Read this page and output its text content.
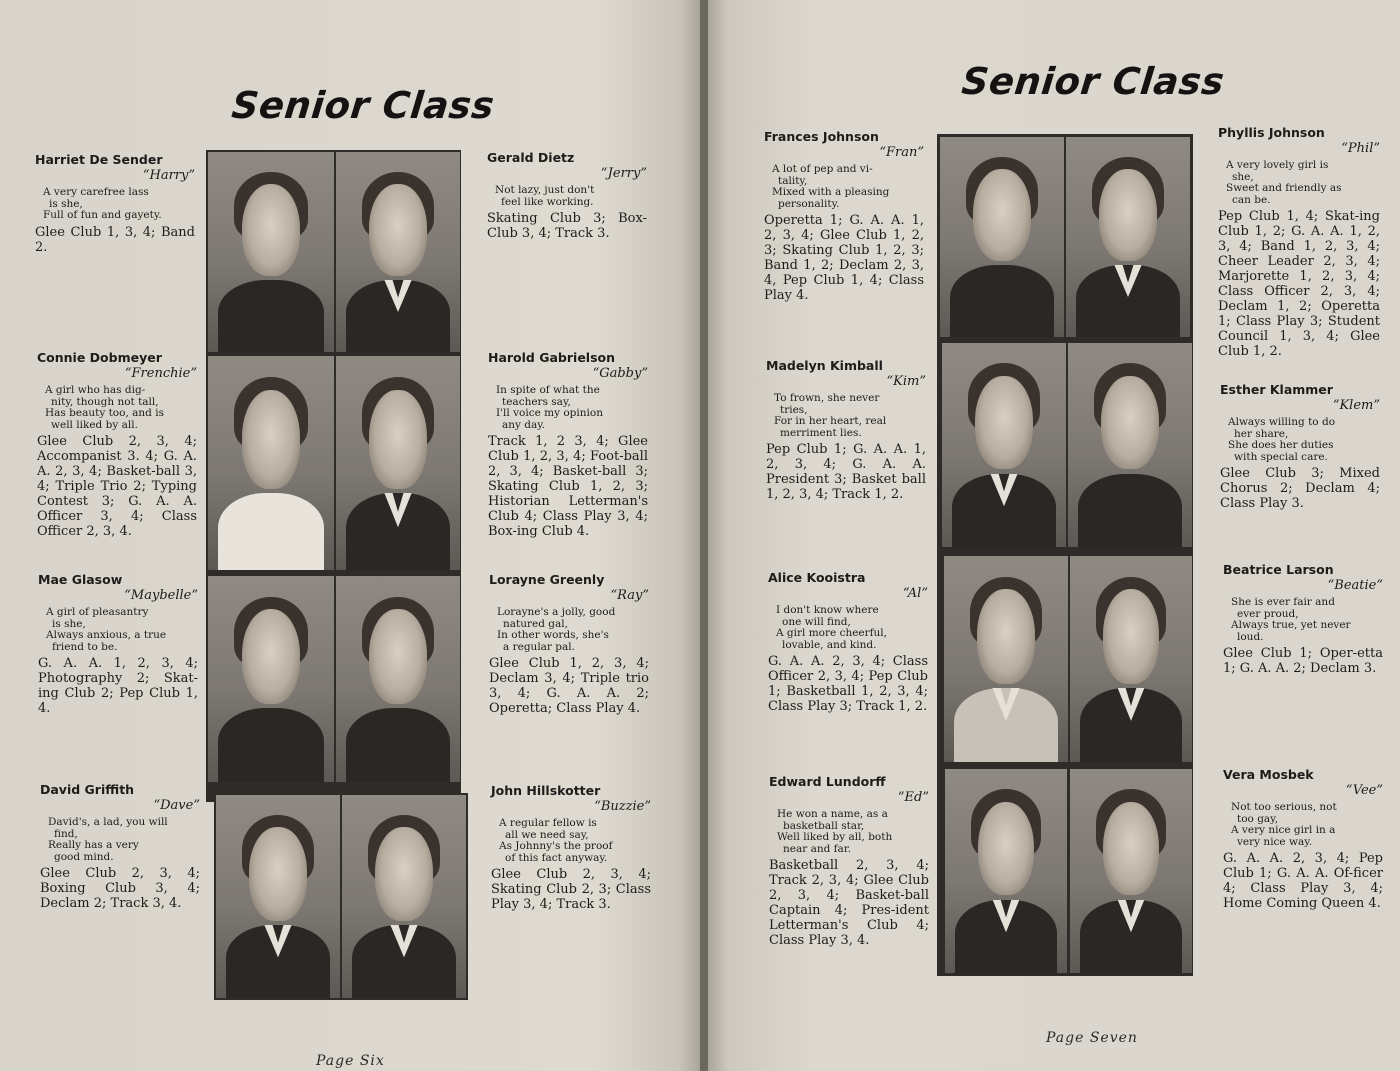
Senior Class
Harriet De Sender
“Harry”
A very carefree lass
is she,
Full of fun and gayety.
Glee Club 1, 3, 4; Band 2.
Gerald Dietz
“Jerry”
Not lazy, just don't
feel like working.
Skating Club 3; Box-Club 3, 4; Track 3.
Connie Dobmeyer
“Frenchie”
A girl who has dig-
nity, though not tall,
Has beauty too, and is
well liked by all.
Glee Club 2, 3, 4; Accompanist 3. 4; G. A. A. 2, 3, 4; Basket-ball 3, 4; Triple Trio 2; Typing Contest 3; G. A. A. Officer 3, 4; Class Officer 2, 3, 4.
Harold Gabrielson
“Gabby”
In spite of what the
teachers say,
I'll voice my opinion
any day.
Track 1, 2 3, 4; Glee Club 1, 2, 3, 4; Foot-ball 2, 3, 4; Basket-ball 3; Skating Club 1, 2, 3; Historian Letterman's Club 4; Class Play 3, 4; Box-ing Club 4.
Mae Glasow
“Maybelle”
A girl of pleasantry
is she,
Always anxious, a true
friend to be.
G. A. A. 1, 2, 3, 4; Photography 2; Skat-ing Club 2; Pep Club 1, 4.
Lorayne Greenly
“Ray”
Lorayne's a jolly, good
natured gal,
In other words, she's
a regular pal.
Glee Club 1, 2, 3, 4; Declam 3, 4; Triple trio 3, 4; G. A. A. 2; Operetta; Class Play 4.
David Griffith
“Dave”
David's, a lad, you will
find,
Really has a very
good mind.
Glee Club 2, 3, 4; Boxing Club 3, 4; Declam 2; Track 3, 4.
John Hillskotter
“Buzzie”
A regular fellow is
all we need say,
As Johnny's the proof
of this fact anyway.
Glee Club 2, 3, 4; Skating Club 2, 3; Class Play 3, 4; Track 3.
Page Six
Senior Class
Frances Johnson
“Fran”
A lot of pep and vi-
tality,
Mixed with a pleasing
personality.
Operetta 1; G. A. A. 1, 2, 3, 4; Glee Club 1, 2, 3; Skating Club 1, 2, 3; Band 1, 2; Declam 2, 3, 4, Pep Club 1, 4; Class Play 4.
Phyllis Johnson
“Phil”
A very lovely girl is
she,
Sweet and friendly as
can be.
Pep Club 1, 4; Skat-ing Club 1, 2; G. A. A. 1, 2, 3, 4; Band 1, 2, 3, 4; Cheer Leader 2, 3, 4; Marjorette 1, 2, 3, 4; Class Officer 2, 3, 4; Declam 1, 2; Operetta 1; Class Play 3; Student Council 1, 3, 4; Glee Club 1, 2.
Madelyn Kimball
“Kim”
To frown, she never
tries,
For in her heart, real
merriment lies.
Pep Club 1; G. A. A. 1, 2, 3, 4; G. A. A. President 3; Basket ball 1, 2, 3, 4; Track 1, 2.
Esther Klammer
“Klem”
Always willing to do
her share,
She does her duties
with special care.
Glee Club 3; Mixed Chorus 2; Declam 4; Class Play 3.
Alice Kooistra
“Al”
I don't know where
one will find,
A girl more cheerful,
lovable, and kind.
G. A. A. 2, 3, 4; Class Officer 2, 3, 4; Pep Club 1; Basketball 1, 2, 3, 4; Class Play 3; Track 1, 2.
Beatrice Larson
“Beatie”
She is ever fair and
ever proud,
Always true, yet never
loud.
Glee Club 1; Oper-etta 1; G. A. A. 2; Declam 3.
Edward Lundorff
“Ed”
He won a name, as a
basketball star,
Well liked by all, both
near and far.
Basketball 2, 3, 4; Track 2, 3, 4; Glee Club 2, 3, 4; Basket-ball Captain 4; Pres-ident Letterman's Club 4; Class Play 3, 4.
Vera Mosbek
“Vee”
Not too serious, not
too gay,
A very nice girl in a
very nice way.
G. A. A. 2, 3, 4; Pep Club 1; G. A. A. Of-ficer 4; Class Play 3, 4; Home Coming Queen 4.
Page Seven
